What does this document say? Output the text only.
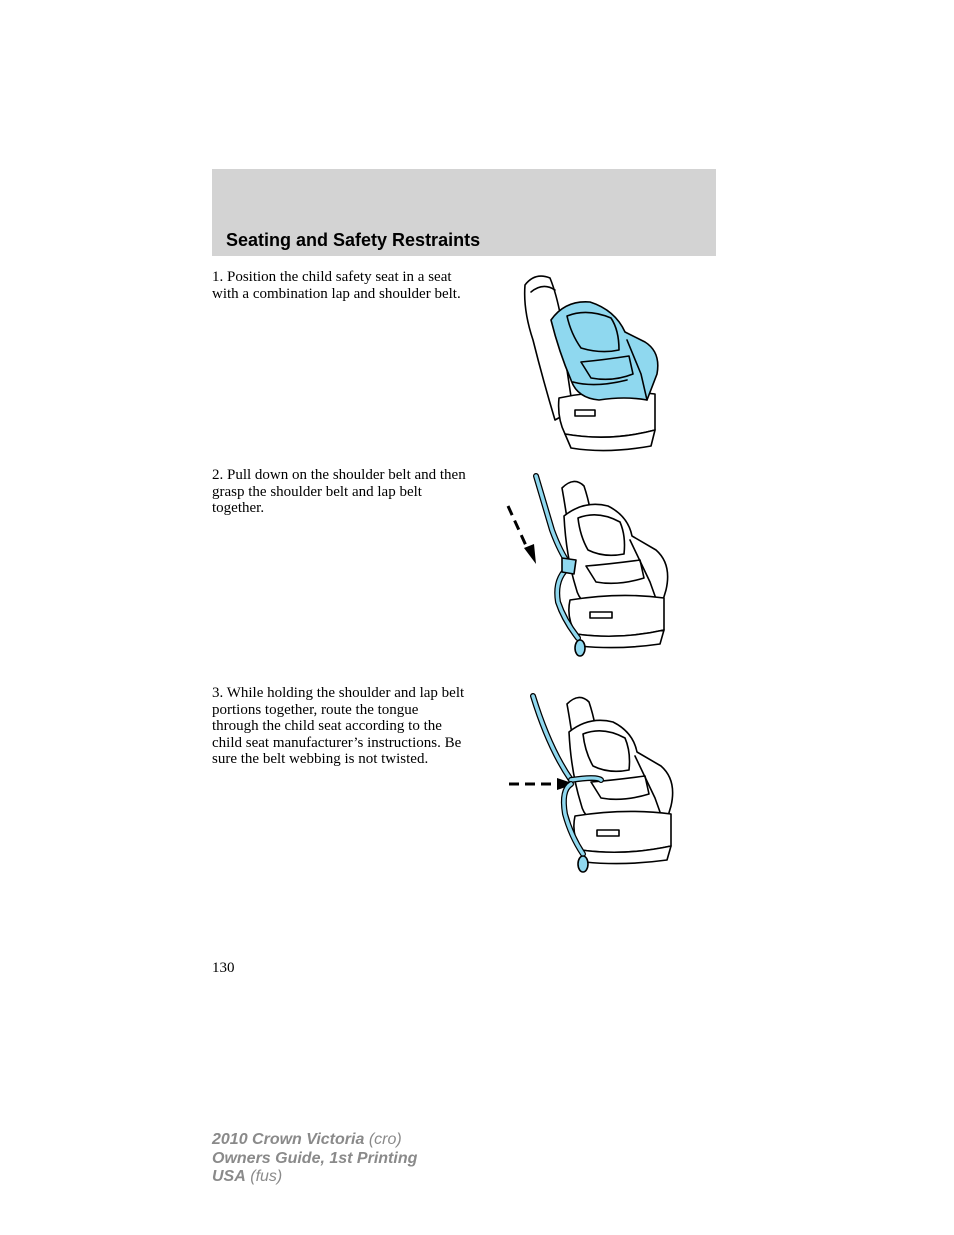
Seating and Safety Restraints

1. Position the child safety seat in a seat with a combination lap and shoulder belt.

2. Pull down on the shoulder belt and then grasp the shoulder belt and lap belt together.

3. While holding the shoulder and lap belt portions together, route the tongue through the child seat according to the child seat manufacturer’s instructions. Be sure the belt webbing is not twisted.

130

2010 Crown Victoria (cro)
Owners Guide, 1st Printing
USA (fus)
